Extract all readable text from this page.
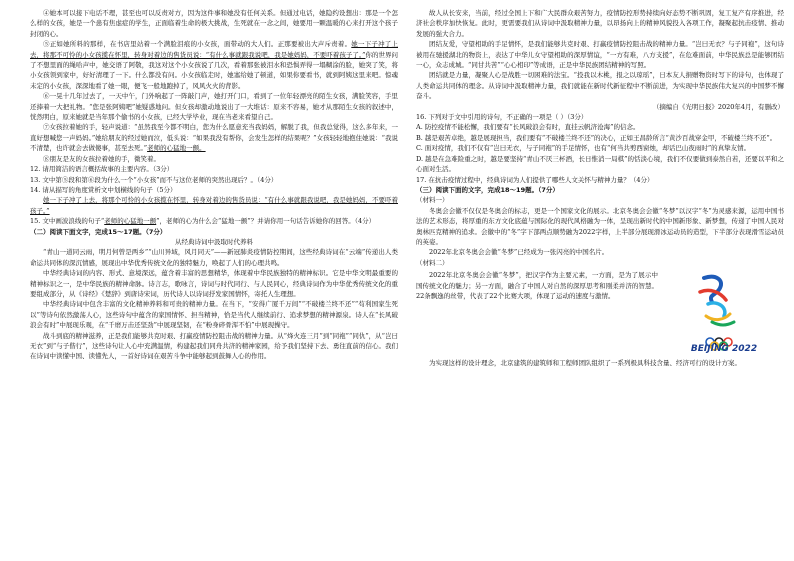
④她本可以接下电话不理，甚至也可以反责对方，因为这件事和她没有任何关系。但通过电话，她隐约设想出：那是一个怎么样的女孩，她是一个患有焦虑症的学生，正面临着生命的极大挑战，生死就在一念之间，她要用一颗温暖的心来打开这个孩子封闭的心。

⑤正如她所料的那样，在书店里站着一个满脸泪痕的小女孩，面带动的大人们。正那要被出大声斥责着。她一下子冲了上去，将那不可怜的小女孩揽在怀里，转身对着边的售货员说：“有什么事就跟我说吧，我是她妈妈，不要吓着孩子了。”你的世界问了不想里面的绳哈声中，她交语了阿敬，我这对这个小女孩说了几次，看着那张被泪水和恐惧弄得一塌糊涂的脸，她突了笑，将小女孩领到家中，好好清理了一下。什么都没有问。小女孩临走时，她塞给她了顿道，如果你要看书，就到阿姨这里来吧。惊魂未定的小女孩，深深地看了她一眼，便飞一般地跑掉了，风风火火的背影。

⑥一晃十几年过去了，一天中午，门外响起了一阵敲门声，她打开门口，看到了一位年轻漂亮的陌生女孩，满脸笑容，手里还捧着一大把礼物。“您是张阿姨吧”她疑惑地问。但女孩却激动地说出了一大堆话：原来不容易，她才从那陌生女孩的叙述中，恍然明白，原来她就是当年那个偷书的小女孩，已经大学毕业，现在当老来看望自己。

⑦女孩拉着她的手，轻声说道：“虽然我至今都不明白，您为什么愿意充当我妈妈，解脱了我，但我总觉得，这么多年来，一直好想喊您一声妈妈。”她给朋友的经过她而泣，低头说：“如果我没有帮你，会发生怎样的结果呢？”女孩轻轻地抱住她说：“我说不清楚，也许就会去做傻事，甚至去死。”老师的心猛地一颤。

⑧朋友是友的女孩拉着她的手，微笑着。

12. 请用简洁的语言概括故事的主要内容。（3分）

13. 文中第⑤段和第⑥段为什么一个“小女孩”而不与这位老师的突然出现后？。（4分）

14. 请从描写的角度赏析文中划横线的句子（5分）

她一下子冲了上去，将那个可怜的小女孩揽在怀里，转身对着边的售货员说：“有什么事就跟我说吧，我是她妈妈，不要吓着孩子。”

15. 文中画波浪线的句子“老师的心猛地一颤”，老师的心为什么会“猛地一颤”？并请你用一句话告诉她你的回答。（4分）

（二）阅读下面文字，完成15～17题。（7分）

从经典诗词中汲取时代养料

“青山一道同云雨，明月何曾是两乡”“山川异域，风月同天”——新冠肺炎疫情防控期间，这些经典诗词在“云端”传递出人类命运共同体的深沉情感，展现出中华优秀传统文化的独特魅力，唤起了人们的心理共鸣。

中华经典诗词的内容、形式、意境深远，蕴含着丰富的思想精华，体现着中华民族独特的精神标识。它是中华文明最重要的精神标识之一，是中华民族的精神命脉。诗言志，歌咏言，诗词与时代同行、与人民同心，经典诗词作为中华优秀传统文化的重要组成部分，从《诗经》《楚辞》到唐诗宋词，历代诗人以诗词抒发家国情怀，寄托人生理想。

中华经典诗词中包含丰富的文化精神养料和可贵的精神力量。在当下，“安得广厦千万间”“不破楼兰终不还”“苟利国家生死以”等诗句依然激荡人心，这些诗句中蕴含的家国情怀、担当精神，恰是当代人继续前行、追求梦想的精神源泉。诗人在“长风破浪会有时”中展现乐观，在“千磨万击还坚劲”中展现坚韧，在“粉身碎骨浑不怕”中展现操守。

战斗到底的精神滋养，正是我们能够共克时艰、打赢疫情防控阻击战的精神力量。从“烽火连三月”到“同袍”“同仇”，从“岂曰无衣”到“与子偕行”，这些诗句让人心中充满温情，构建起我们同舟共济的精神家园，给予我们坚持下去、勇往直前的信心。我们在诗词中读懂中国、读懂先人，一首好诗词在艰苦斗争中能够起到鼓舞人心的作用。

故人从长安来，当前，经过全国上下和广大民群众艰苦努力，疫情防控形势持续向好态势不断巩固，复工复产有序推进，经济社会秩序加快恢复。此时，更需要我们从诗词中汲取精神力量，以昂扬向上的精神风貌投入各项工作，凝聚起抗击疫情、推动发展的强大合力。

团结友爱，守望相助的手足情怀，是我们能够共克时艰、打赢疫情防控阻击战的精神力量。“岂曰无衣？与子同袍”，这句诗被用在驰援湖北的物资上，表达了中华儿女守望相助的深厚情谊，“一方有难，八方支援”，在危难面前，中华民族总是能够团结一心，众志成城。“同甘共苦”“心心相印”等成语，正是中华民族团结精神的写照。

团结就是力量，凝聚人心是战胜一切困难的法宝。“投我以木桃，报之以琼瑶”，日本友人捐赠物资时写下的诗句，也体现了人类命运共同体的理念。从诗词中汲取精神力量，我们就能在新时代新征程中不断前进，为实现中华民族伟大复兴的中国梦不懈奋斗。

（摘编自《光明日报》2020年4月，有删改）

16. 下列对于文中引用的诗句，不正确的一项是（ ）（3分）

A. 防控疫情不能松懈，我们要有“长风破浪会有时，直挂云帆济沧海”的信念。

B. 越是艰苦卓绝，越是展现担当，我们要有“不破楼兰终不还”的决心，正如王昌龄所言“黄沙百战穿金甲，不破楼兰终不还”。

C. 面对疫情，我们不仅有“岂曰无衣，与子同袍”的手足情怀，也有“何当共剪西窗烛，却话巴山夜雨时”的真挚友情。

D. 越是在急难险重之时，越是要坚持“青山不厌三杯酒，长日惟消一局棋”的恬淡心境，我们不仅要做到泰然自若，还要以平和之心面对生活。

17. 在抗击疫情过程中，经典诗词为人们提供了哪些人文关怀与精神力量？（4分）

（三）阅读下面的文字，完成18～19题。（7分）

（材料一）

冬奥会会徽不仅仅是冬奥会的标志，更是一个国家文化的展示。北京冬奥会会徽“冬梦”以汉字“冬”为灵感来源，运用中国书法的艺术形态，将厚重的东方文化底蕴与国际化的现代风格融为一体，呈现出新时代的中国新形象、新梦想，传递了中国人民对奥林匹克精神的追求。会徽中的“冬”字下部两点顺势融为2022字样，上半部分展现滑冰运动员的造型，下半部分表现滑雪运动员的英姿。

2022年北京冬奥会会徽“冬梦”已经成为一张闪亮的中国名片。

（材料二）

2022年北京冬奥会会徽“冬梦”，把汉字作为主要元素，一方面，是为了展示中国传统文化的魅力；另一方面，融合了中国人对自然的深厚思考和刚柔并济的智慧。22条飘逸的丝带，代表了22个比赛大项，体现了运动的速度与激情。

BEIJING 2022

为实现这样的设计理念，北京建筑的建筑师和工程师团队组织了一系列极具科技含量、经济可行的设计方案。
